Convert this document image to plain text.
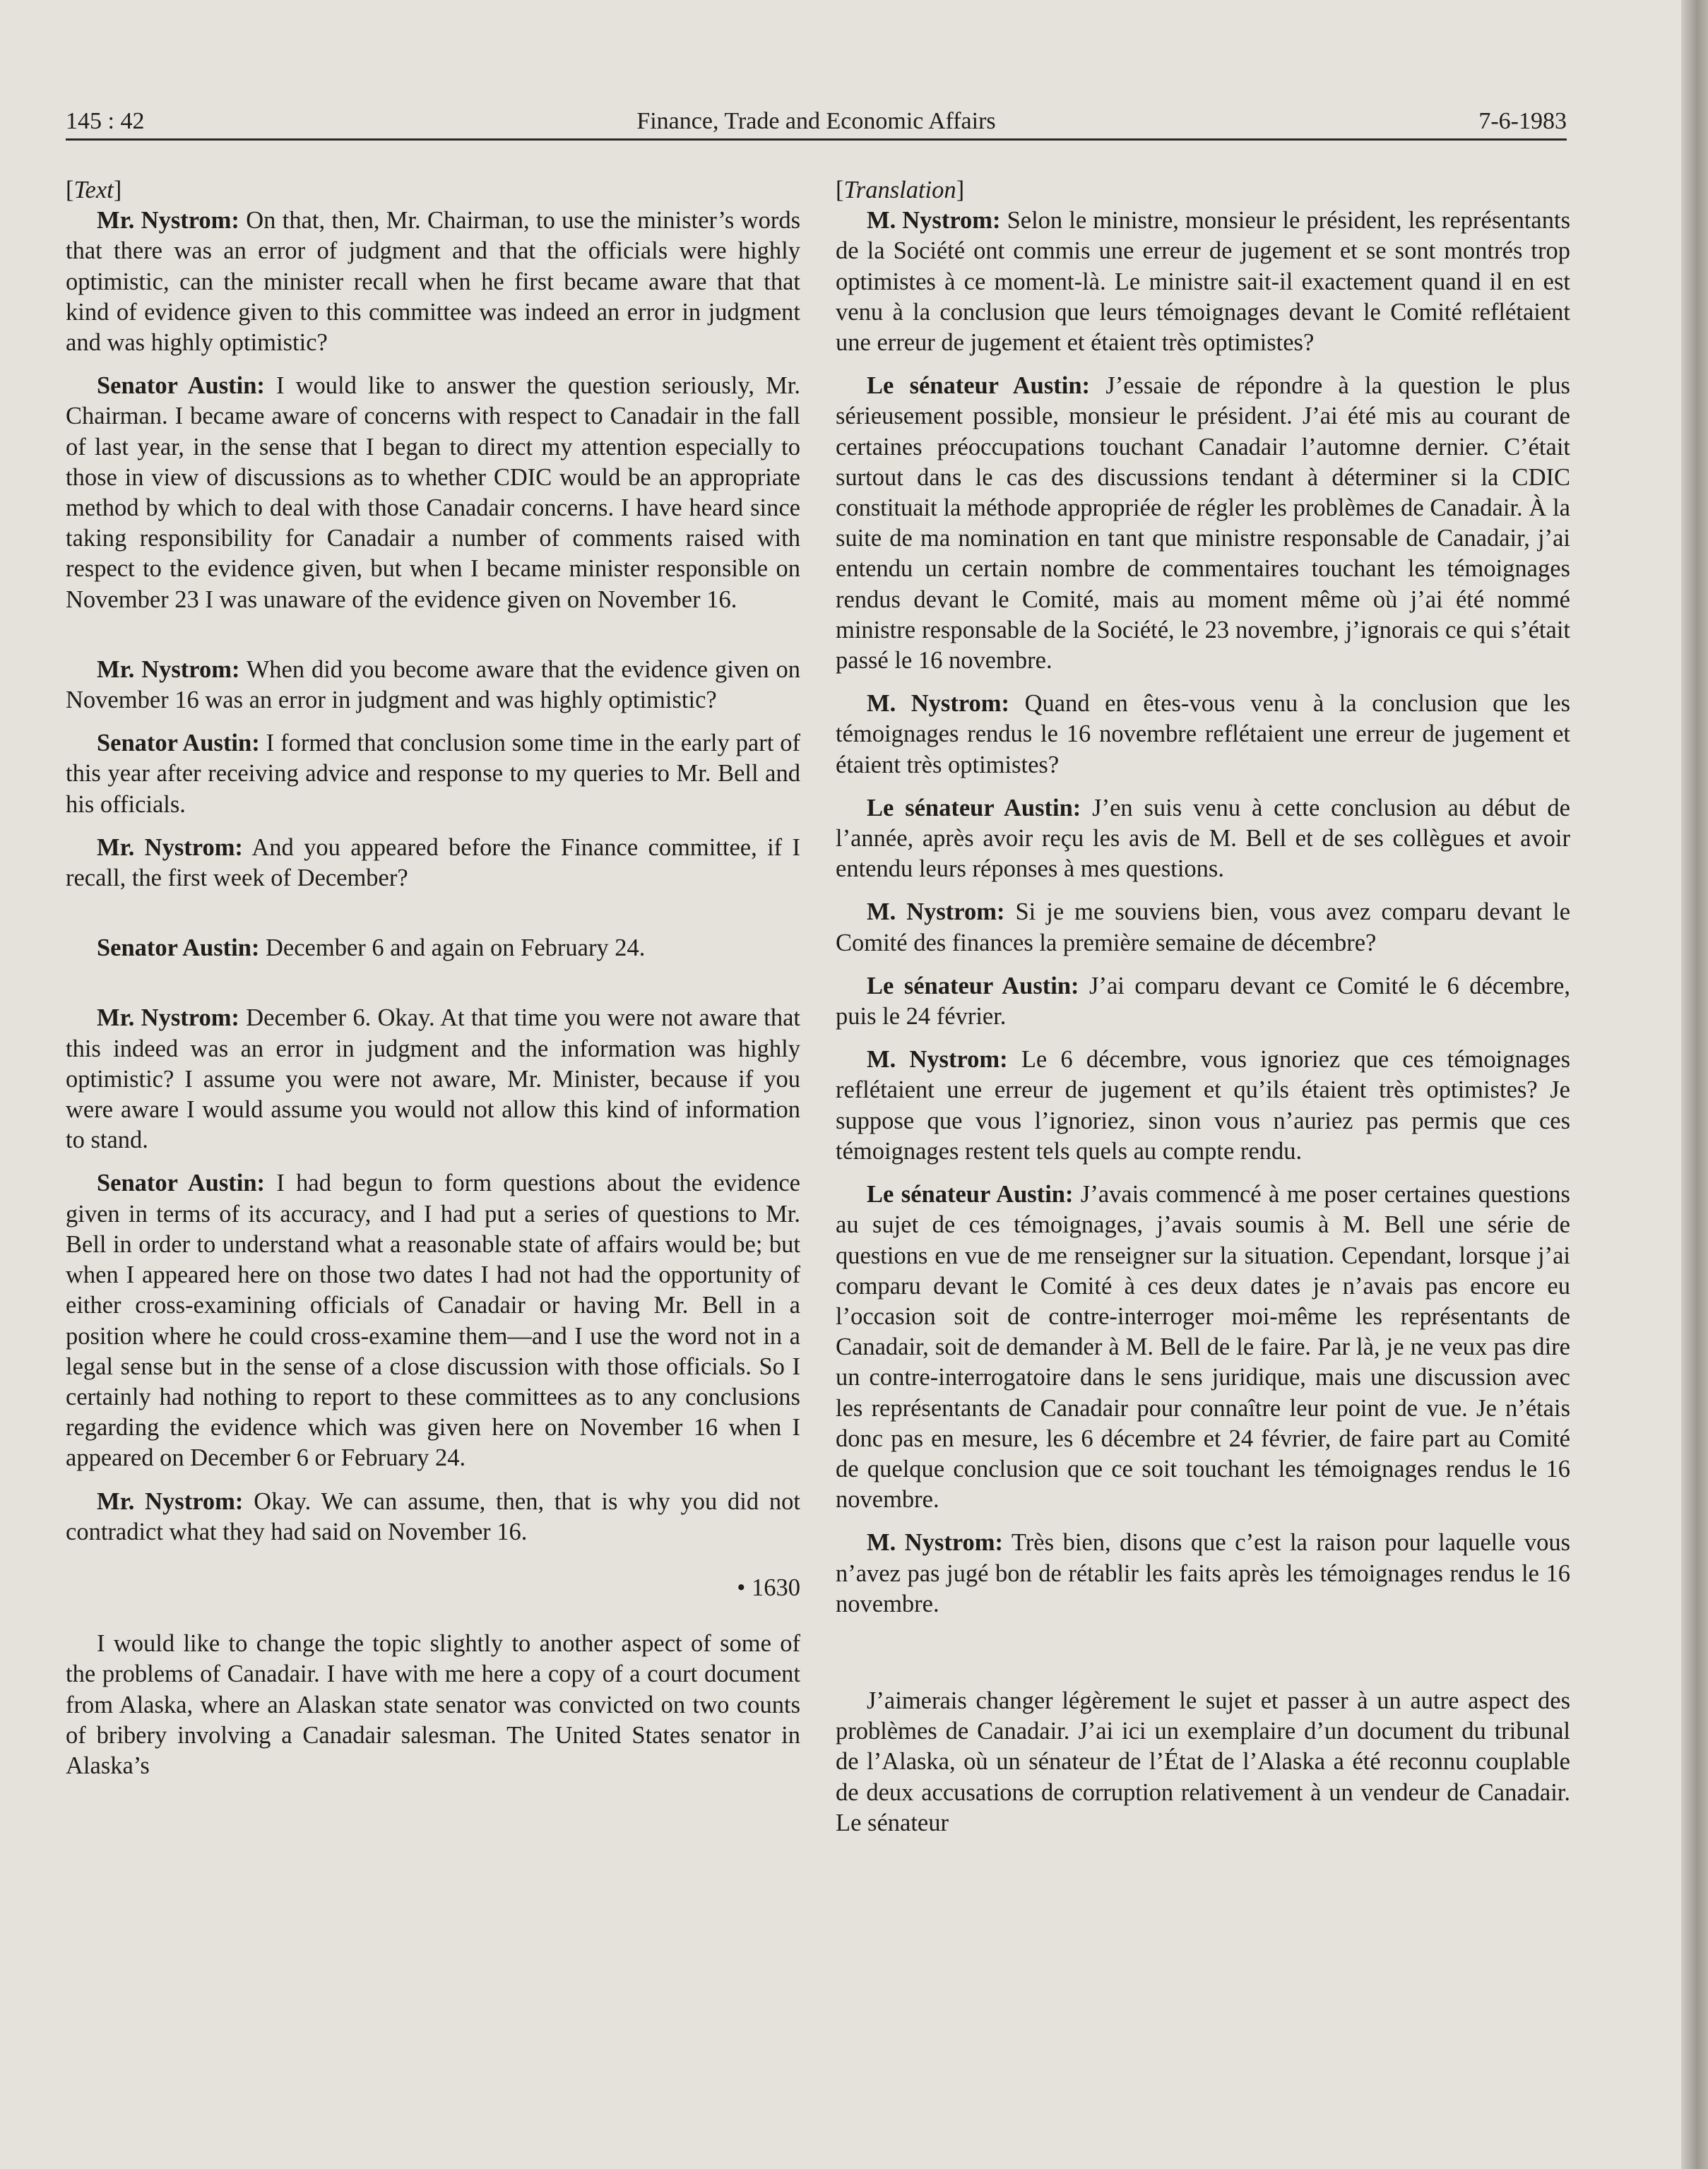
145 : 42	Finance, Trade and Economic Affairs	7-6-1983

[Text]

Mr. Nystrom: On that, then, Mr. Chairman, to use the minister’s words that there was an error of judgment and that the officials were highly optimistic, can the minister recall when he first became aware that that kind of evidence given to this committee was indeed an error in judgment and was highly optimistic?

Senator Austin: I would like to answer the question seriously, Mr. Chairman. I became aware of concerns with respect to Canadair in the fall of last year, in the sense that I began to direct my attention especially to those in view of discussions as to whether CDIC would be an appropriate method by which to deal with those Canadair concerns. I have heard since taking responsibility for Canadair a number of comments raised with respect to the evidence given, but when I became minister responsible on November 23 I was unaware of the evidence given on November 16.

Mr. Nystrom: When did you become aware that the evidence given on November 16 was an error in judgment and was highly optimistic?

Senator Austin: I formed that conclusion some time in the early part of this year after receiving advice and response to my queries to Mr. Bell and his officials.

Mr. Nystrom: And you appeared before the Finance committee, if I recall, the first week of December?

Senator Austin: December 6 and again on February 24.

Mr. Nystrom: December 6. Okay. At that time you were not aware that this indeed was an error in judgment and the information was highly optimistic? I assume you were not aware, Mr. Minister, because if you were aware I would assume you would not allow this kind of information to stand.

Senator Austin: I had begun to form questions about the evidence given in terms of its accuracy, and I had put a series of questions to Mr. Bell in order to understand what a reasonable state of affairs would be; but when I appeared here on those two dates I had not had the opportunity of either cross-examining officials of Canadair or having Mr. Bell in a position where he could cross-examine them—and I use the word not in a legal sense but in the sense of a close discussion with those officials. So I certainly had nothing to report to these committees as to any conclusions regarding the evidence which was given here on November 16 when I appeared on December 6 or February 24.

Mr. Nystrom: Okay. We can assume, then, that is why you did not contradict what they had said on November 16.

• 1630

I would like to change the topic slightly to another aspect of some of the problems of Canadair. I have with me here a copy of a court document from Alaska, where an Alaskan state senator was convicted on two counts of bribery involving a Canadair salesman. The United States senator in Alaska’s

[Translation]

M. Nystrom: Selon le ministre, monsieur le président, les représentants de la Société ont commis une erreur de jugement et se sont montrés trop optimistes à ce moment-là. Le ministre sait-il exactement quand il en est venu à la conclusion que leurs témoignages devant le Comité reflétaient une erreur de jugement et étaient très optimistes?

Le sénateur Austin: J’essaie de répondre à la question le plus sérieusement possible, monsieur le président. J’ai été mis au courant de certaines préoccupations touchant Canadair l’automne dernier. C’était surtout dans le cas des discussions tendant à déterminer si la CDIC constituait la méthode appropriée de régler les problèmes de Canadair. À la suite de ma nomination en tant que ministre responsable de Canadair, j’ai entendu un certain nombre de commentaires touchant les témoignages rendus devant le Comité, mais au moment même où j’ai été nommé ministre responsable de la Société, le 23 novembre, j’ignorais ce qui s’était passé le 16 novembre.

M. Nystrom: Quand en êtes-vous venu à la conclusion que les témoignages rendus le 16 novembre reflétaient une erreur de jugement et étaient très optimistes?

Le sénateur Austin: J’en suis venu à cette conclusion au début de l’année, après avoir reçu les avis de M. Bell et de ses collègues et avoir entendu leurs réponses à mes questions.

M. Nystrom: Si je me souviens bien, vous avez comparu devant le Comité des finances la première semaine de décembre?

Le sénateur Austin: J’ai comparu devant ce Comité le 6 décembre, puis le 24 février.

M. Nystrom: Le 6 décembre, vous ignoriez que ces témoignages reflétaient une erreur de jugement et qu’ils étaient très optimistes? Je suppose que vous l’ignoriez, sinon vous n’auriez pas permis que ces témoignages restent tels quels au compte rendu.

Le sénateur Austin: J’avais commencé à me poser certaines questions au sujet de ces témoignages, j’avais soumis à M. Bell une série de questions en vue de me renseigner sur la situation. Cependant, lorsque j’ai comparu devant le Comité à ces deux dates je n’avais pas encore eu l’occasion soit de contre-interroger moi-même les représentants de Canadair, soit de demander à M. Bell de le faire. Par là, je ne veux pas dire un contre-interrogatoire dans le sens juridique, mais une discussion avec les représentants de Canadair pour connaître leur point de vue. Je n’étais donc pas en mesure, les 6 décembre et 24 février, de faire part au Comité de quelque conclusion que ce soit touchant les témoignages rendus le 16 novembre.

M. Nystrom: Très bien, disons que c’est la raison pour laquelle vous n’avez pas jugé bon de rétablir les faits après les témoignages rendus le 16 novembre.

J’aimerais changer légèrement le sujet et passer à un autre aspect des problèmes de Canadair. J’ai ici un exemplaire d’un document du tribunal de l’Alaska, où un sénateur de l’État de l’Alaska a été reconnu couplable de deux accusations de corruption relativement à un vendeur de Canadair. Le sénateur
